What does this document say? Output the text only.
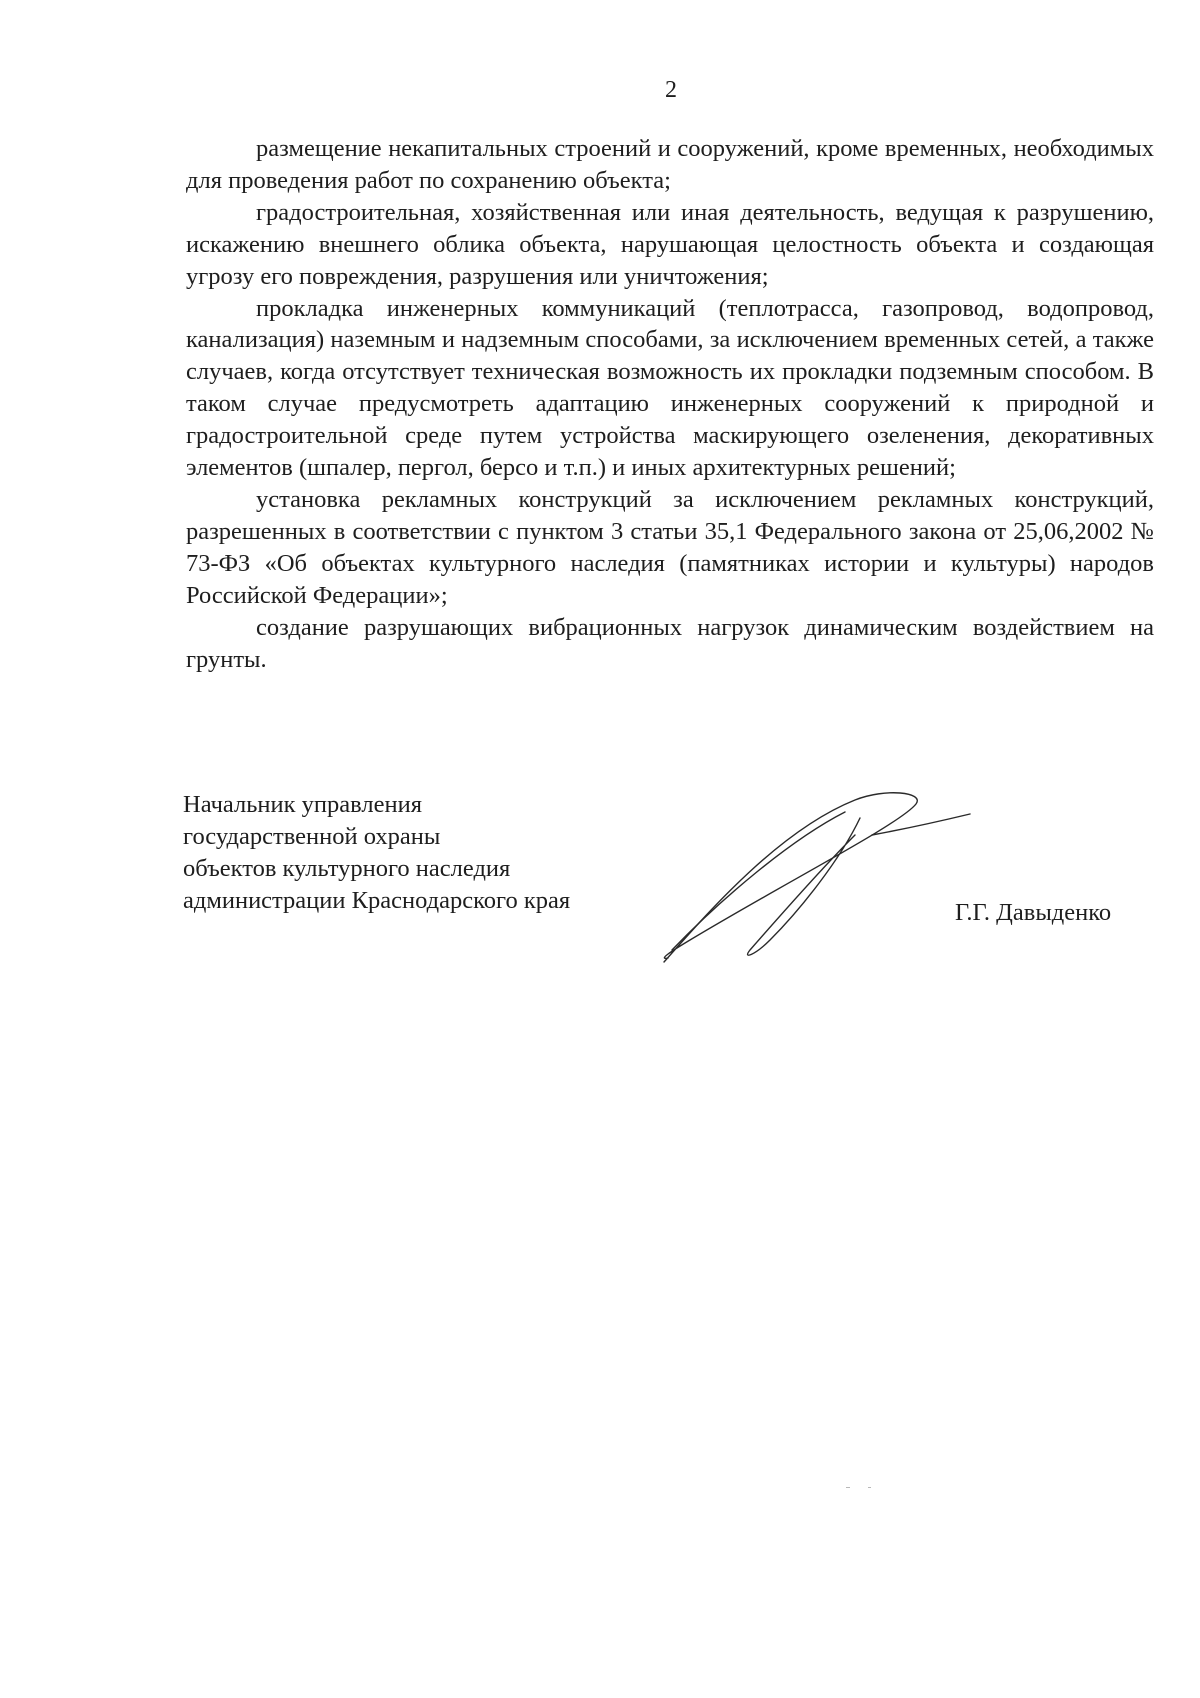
2

размещение некапитальных строений и сооружений, кроме временных, необходимых для проведения работ по сохранению объекта;

градостроительная, хозяйственная или иная деятельность, ведущая к разрушению, искажению внешнего облика объекта, нарушающая целостность объекта и создающая угрозу его повреждения, разрушения или уничтожения;

прокладка инженерных коммуникаций (теплотрасса, газопровод, водопровод, канализация) наземным и надземным способами, за исключением временных сетей, а также случаев, когда отсутствует техническая возможность их прокладки подземным способом. В таком случае предусмотреть адаптацию инженерных сооружений к природной и градостроительной среде путем устройства маскирующего озеленения, декоративных элементов (шпалер, пергол, берсо и т.п.) и иных архитектурных решений;

установка рекламных конструкций за исключением рекламных конструкций, разрешенных в соответствии с пунктом 3 статьи 35,1 Федерального закона от 25,06,2002 № 73-ФЗ «Об объектах культурного наследия (памятниках истории и культуры) народов Российской Федерации»;

создание разрушающих вибрационных нагрузок динамическим воздействием на грунты.

Начальник управления
государственной охраны
объектов культурного наследия
администрации Краснодарского края	Г.Г. Давыденко
